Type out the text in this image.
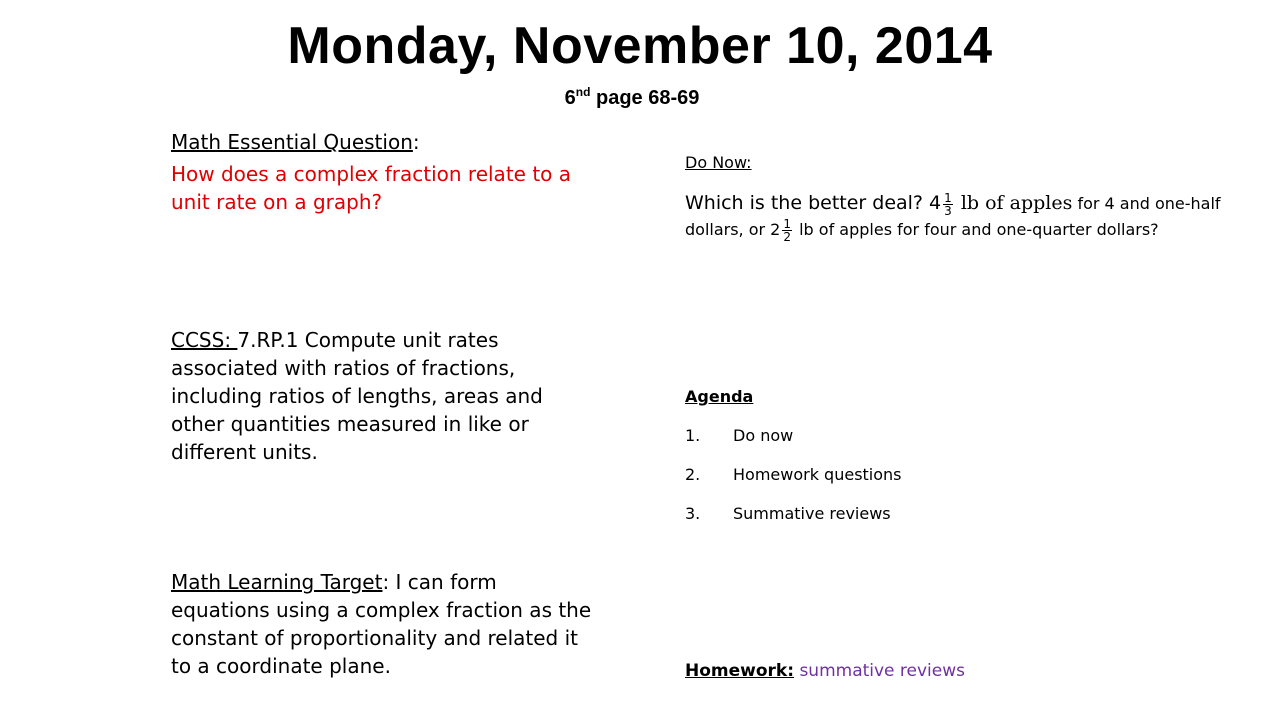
Monday, November 10, 2014
6nd page 68-69
Math Essential Question:
How does a complex fraction relate to a unit rate on a graph?
CCSS: 7.RP.1 Compute unit rates associated with ratios of fractions, including ratios of lengths, areas and other quantities measured in like or different units.
Math Learning Target: I can form equations using a complex fraction as the constant of proportionality and related it to a coordinate plane.
Do Now:
Which is the better deal? $4 \frac{1}{3}$ lb of apples for 4 and one-half dollars, or $2 \frac{1}{2}$ lb of apples for four and one-quarter dollars?
Agenda
1.	Do now
2.	Homework questions
3.	Summative reviews
Homework: summative reviews
